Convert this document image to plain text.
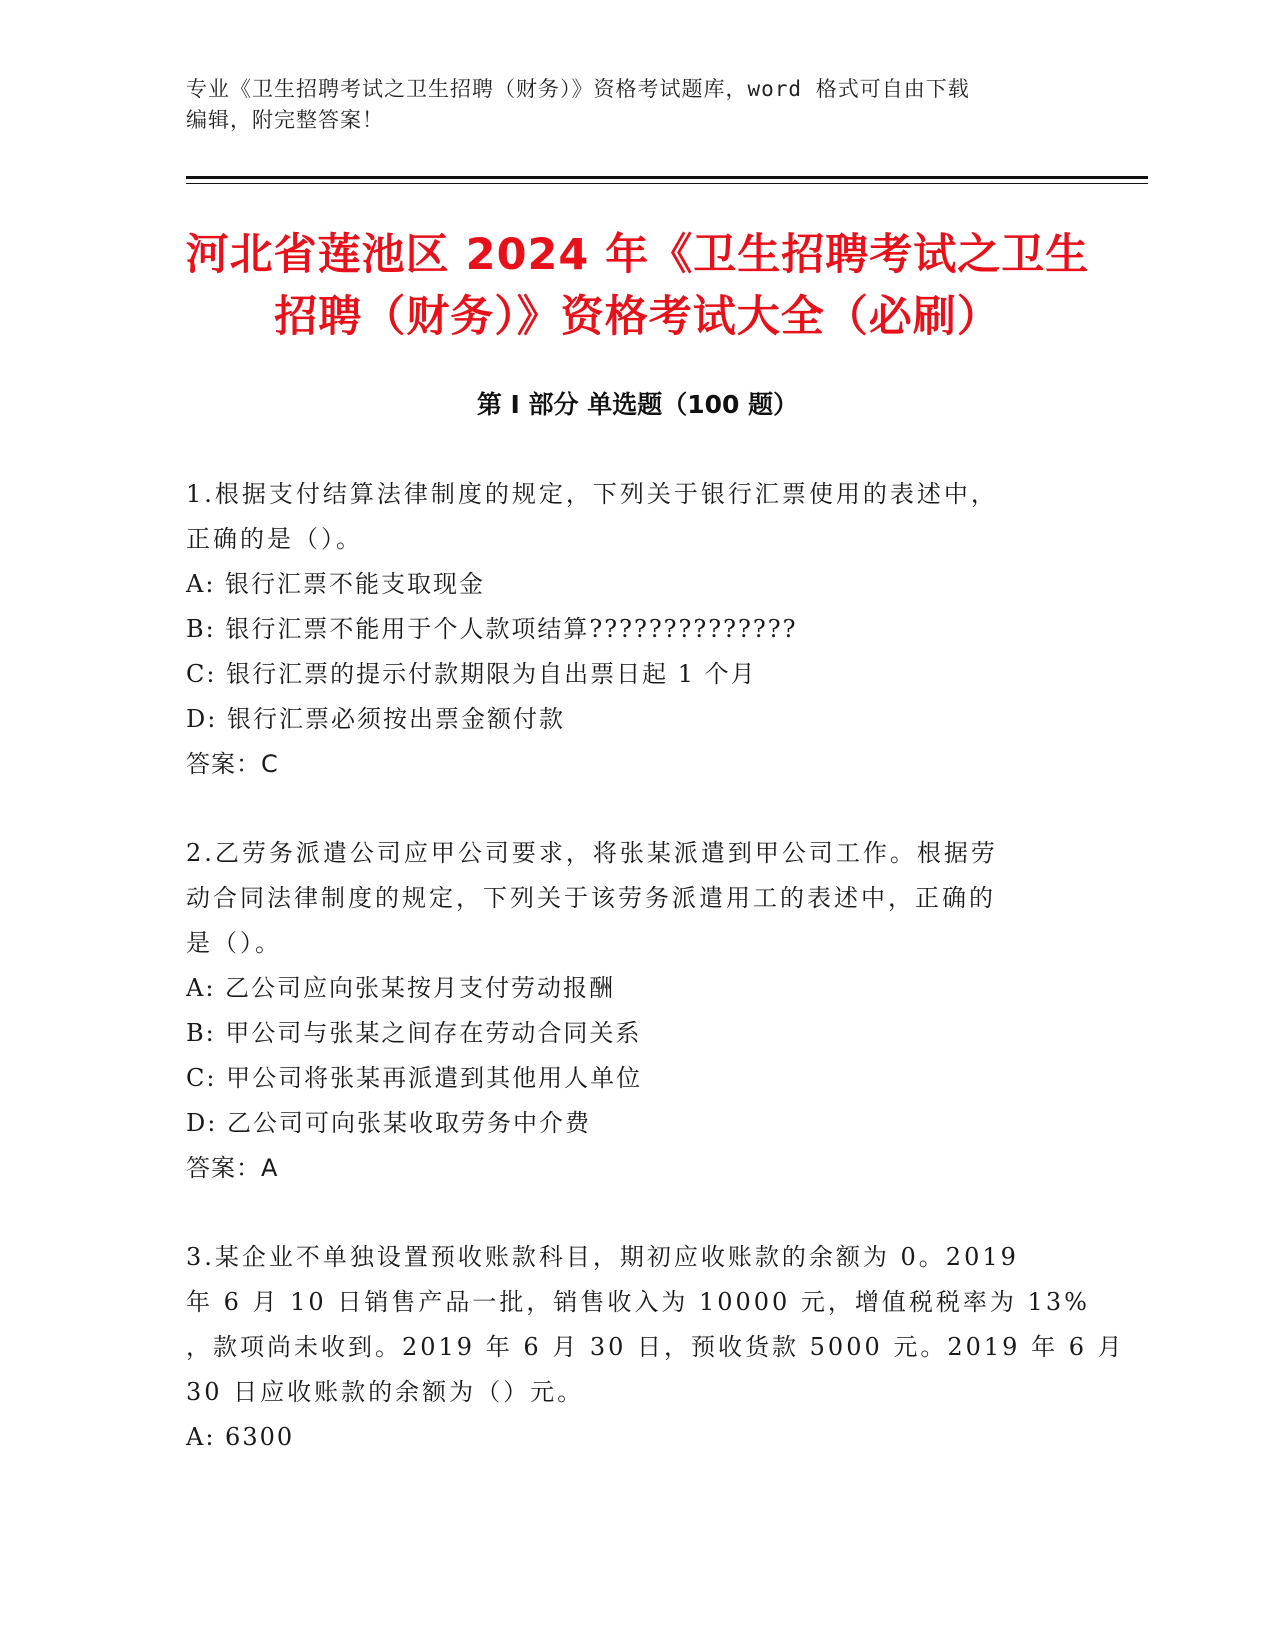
专业《卫生招聘考试之卫生招聘（财务）》资格考试题库，word 格式可自由下载
编辑，附完整答案！
河北省莲池区 2024 年《卫生招聘考试之卫生
招聘（财务）》资格考试大全（必刷）
第 I 部分 单选题（100 题）
1.根据支付结算法律制度的规定，下列关于银行汇票使用的表述中，
正确的是（）。
A: 银行汇票不能支取现金
B: 银行汇票不能用于个人款项结算??????????????
C: 银行汇票的提示付款期限为自出票日起 1 个月
D: 银行汇票必须按出票金额付款
答案：C
2.乙劳务派遣公司应甲公司要求，将张某派遣到甲公司工作。根据劳
动合同法律制度的规定，下列关于该劳务派遣用工的表述中，正确的
是（）。
A: 乙公司应向张某按月支付劳动报酬
B: 甲公司与张某之间存在劳动合同关系
C: 甲公司将张某再派遣到其他用人单位
D: 乙公司可向张某收取劳务中介费
答案：A
3.某企业不单独设置预收账款科目，期初应收账款的余额为 0。2019
年 6 月 10 日销售产品一批，销售收入为 10000 元，增值税税率为 13%
，款项尚未收到。2019 年 6 月 30 日，预收货款 5000 元。2019 年 6 月
30 日应收账款的余额为（）元。
A: 6300
